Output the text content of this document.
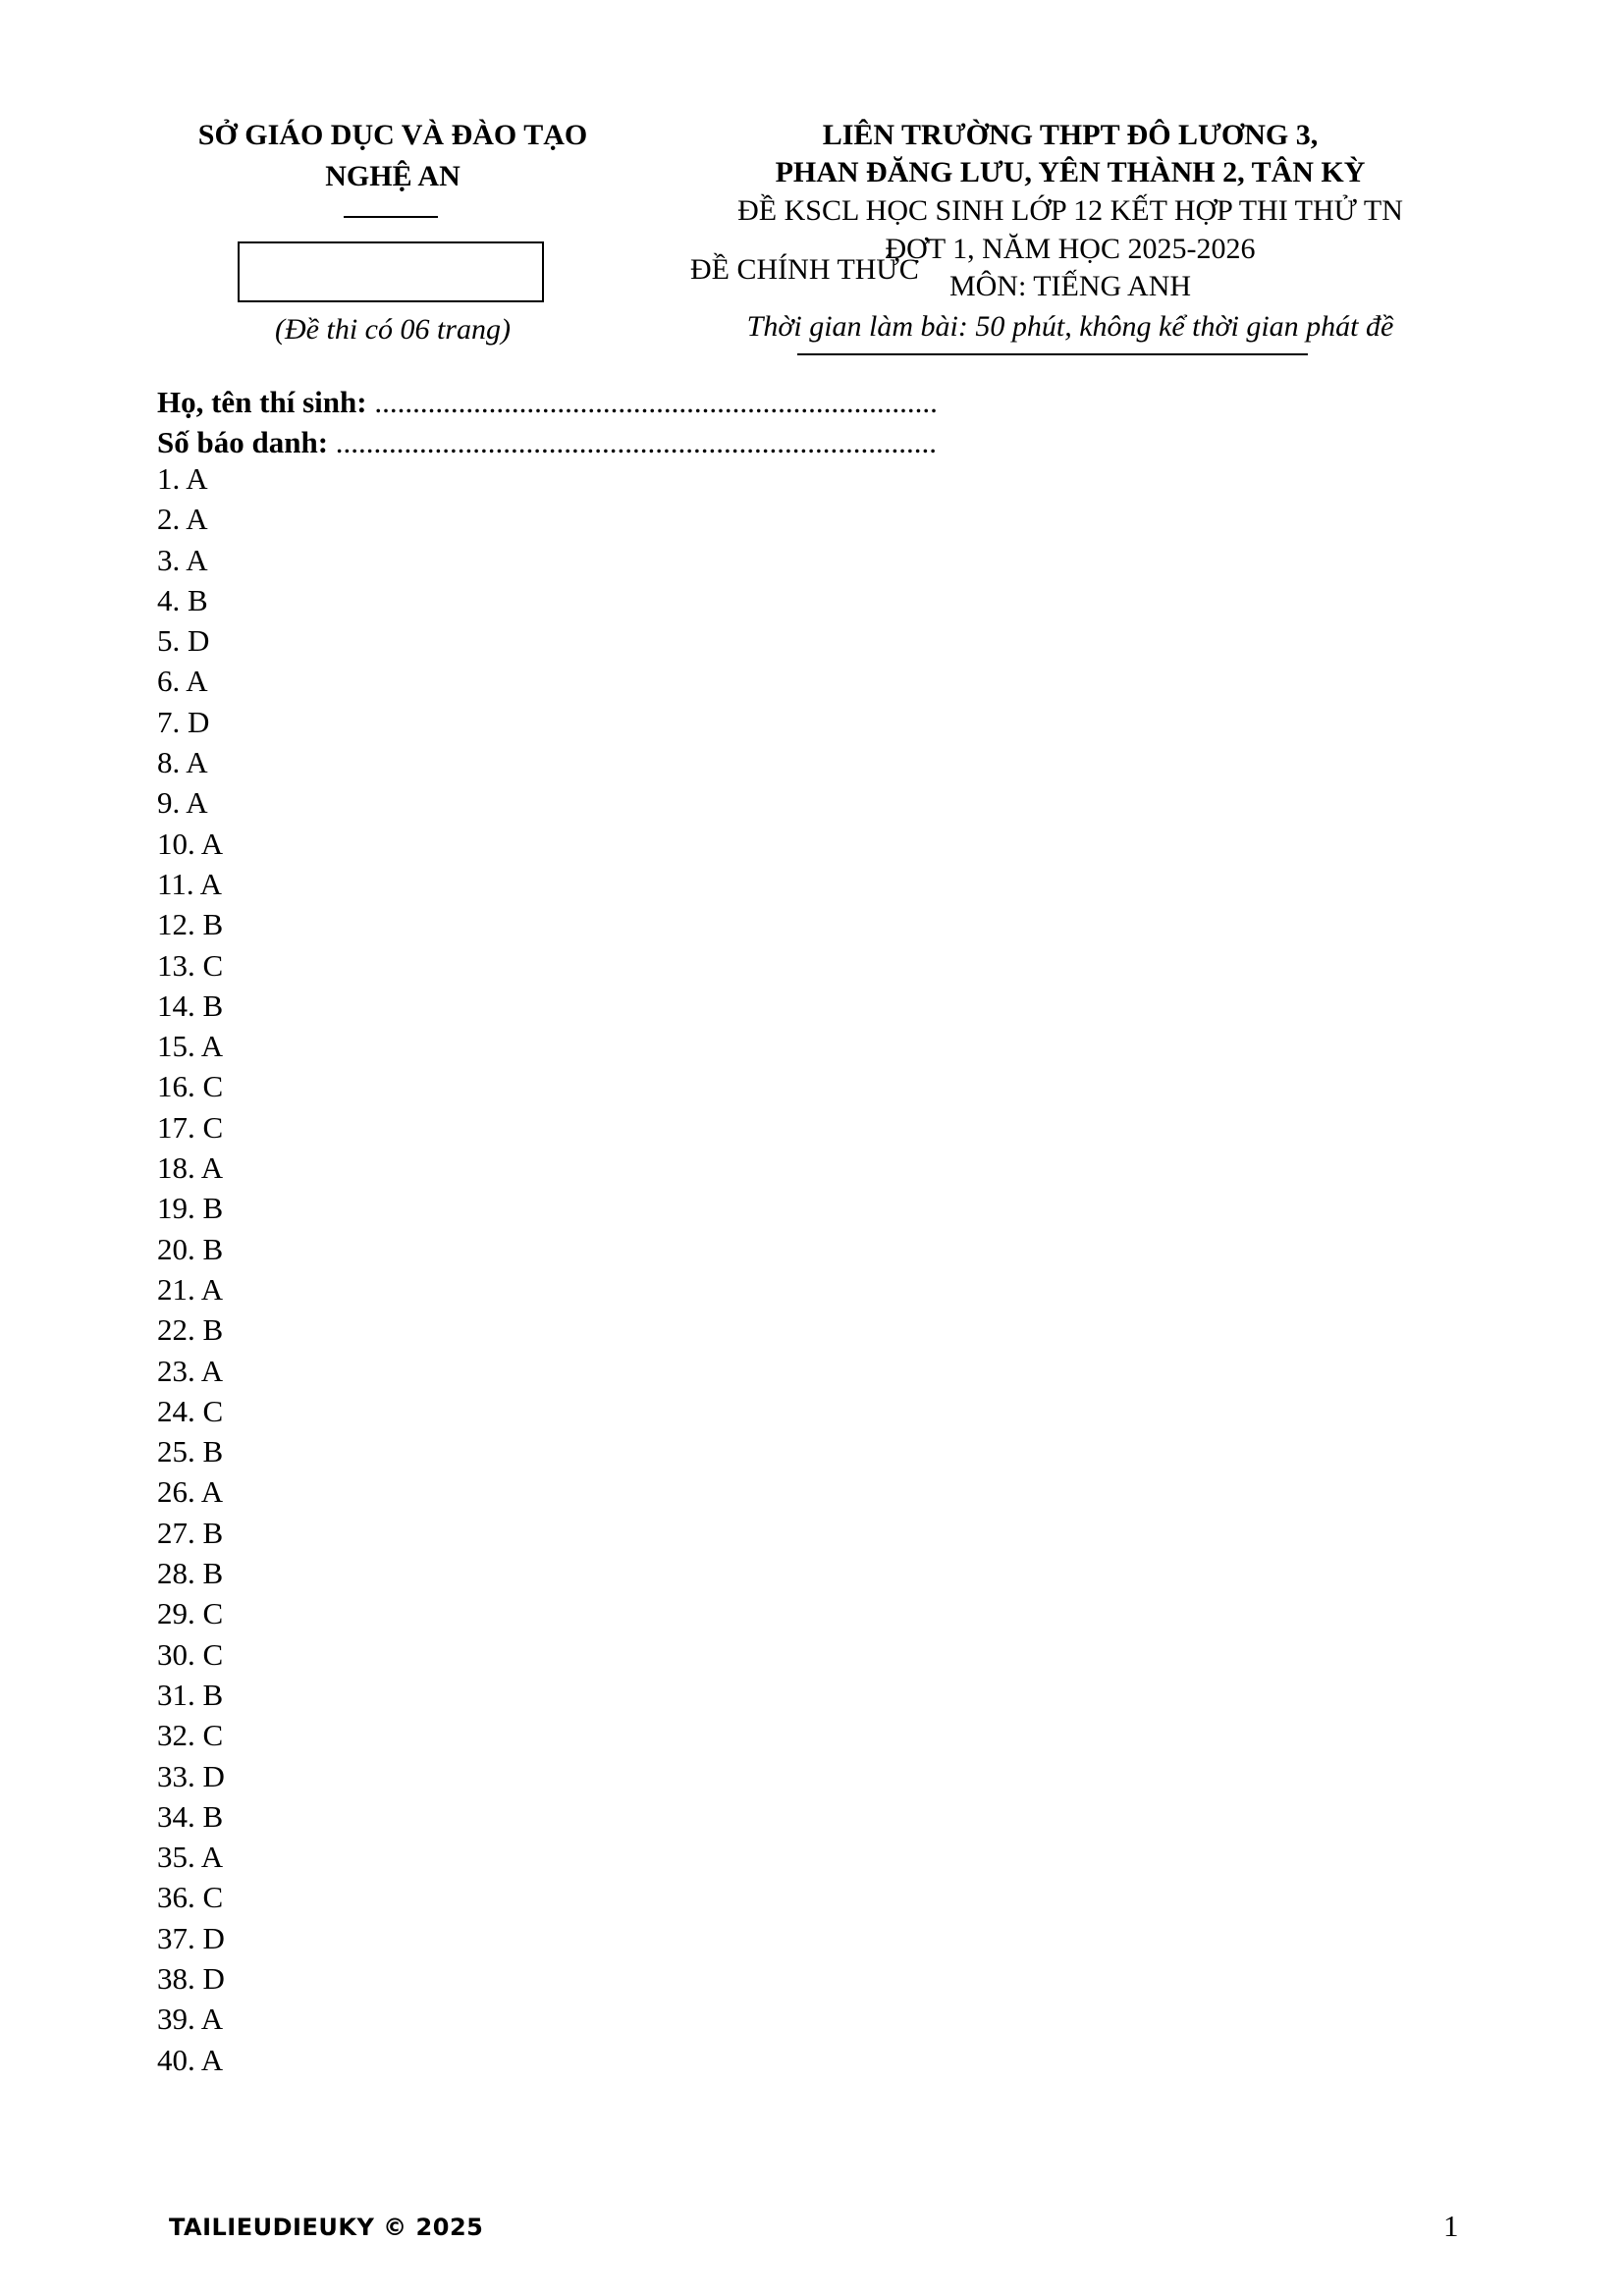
SỞ GIÁO DỤC VÀ ĐÀO TẠO
NGHỆ AN
(Đề thi có 06 trang)
LIÊN TRƯỜNG THPT ĐÔ LƯƠNG 3,
PHAN ĐĂNG LƯU, YÊN THÀNH 2, TÂN KỲ
ĐỀ KSCL HỌC SINH LỚP 12 KẾT HỢP THI THỬ TN
ĐỢT 1, NĂM HỌC 2025-2026
ĐỀ CHÍNH THỨC
MÔN: TIẾNG ANH
Thời gian làm bài: 50 phút, không kể thời gian phát đề
Họ, tên thí sinh: ..........................................................................
Số báo danh: ...............................................................................
1. A
2. A
3. A
4. B
5. D
6. A
7. D
8. A
9. A
10. A
11. A
12. B
13. C
14. B
15. A
16. C
17. C
18. A
19. B
20. B
21. A
22. B
23. A
24. C
25. B
26. A
27. B
28. B
29. C
30. C
31. B
32. C
33. D
34. B
35. A
36. C
37. D
38. D
39. A
40. A
TAILIEUDIEUKY © 2025	1
